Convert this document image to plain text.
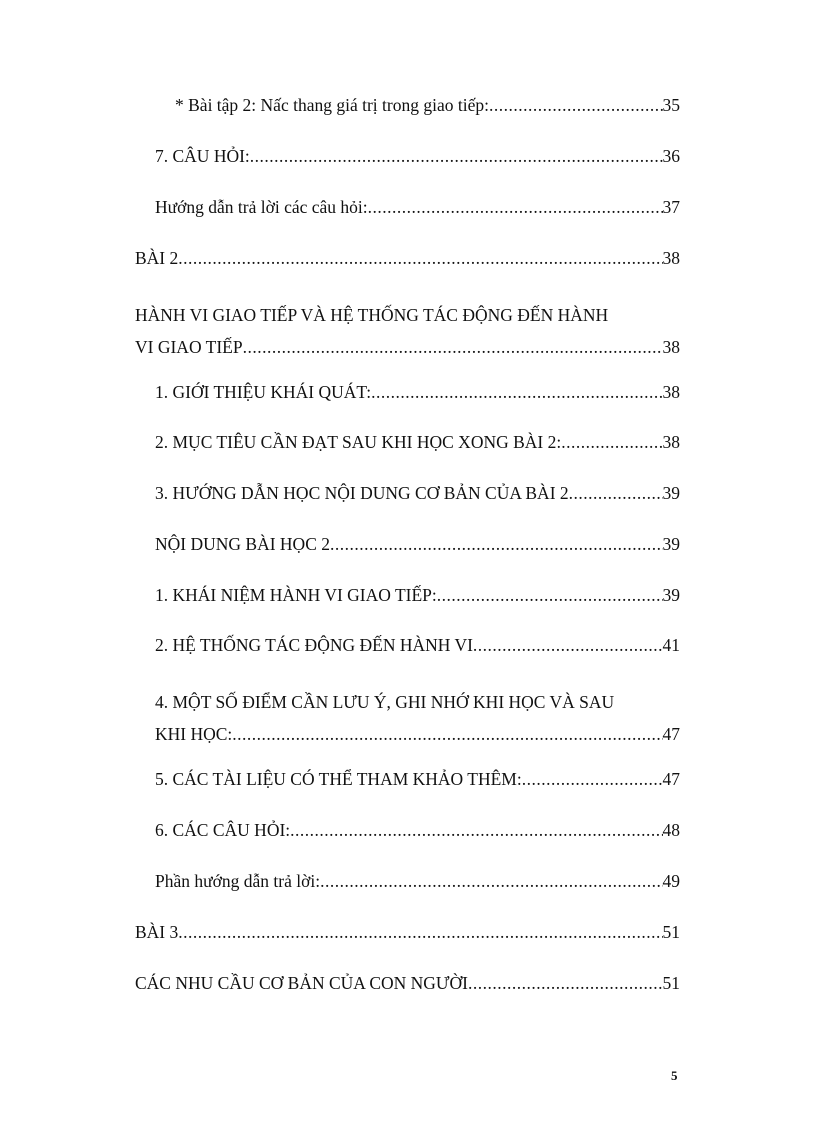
* Bài tập 2: Nấc thang giá trị trong giao tiếp: .....	35
7. CÂU HỎI: .....	36
Hướng dẫn trả lời các câu hỏi: .....	37
BÀI 2 .....	38
HÀNH VI GIAO TIẾP VÀ HỆ THỐNG TÁC ĐỘNG ĐẾN HÀNH
VI GIAO TIẾP .....	38
1. GIỚI THIỆU KHÁI QUÁT: .....	38
2. MỤC TIÊU CẦN ĐẠT SAU KHI HỌC XONG BÀI 2: .....	38
3. HƯỚNG DẪN HỌC NỘI DUNG CƠ BẢN CỦA BÀI 2 .....	39
NỘI DUNG BÀI HỌC 2 .....	39
1. KHÁI NIỆM HÀNH VI GIAO TIẾP: .....	39
2. HỆ THỐNG TÁC ĐỘNG ĐẾN HÀNH VI .....	41
4. MỘT SỐ ĐIỂM CẦN LƯU Ý, GHI NHỚ KHI HỌC VÀ SAU
KHI HỌC: .....	47
5. CÁC TÀI LIỆU CÓ THỂ THAM KHẢO THÊM: .....	47
6. CÁC CÂU HỎI: .....	48
Phần hướng dẫn trả lời: .....	49
BÀI 3 .....	51
CÁC NHU CẦU CƠ BẢN CỦA CON NGƯỜI .....	51
5
